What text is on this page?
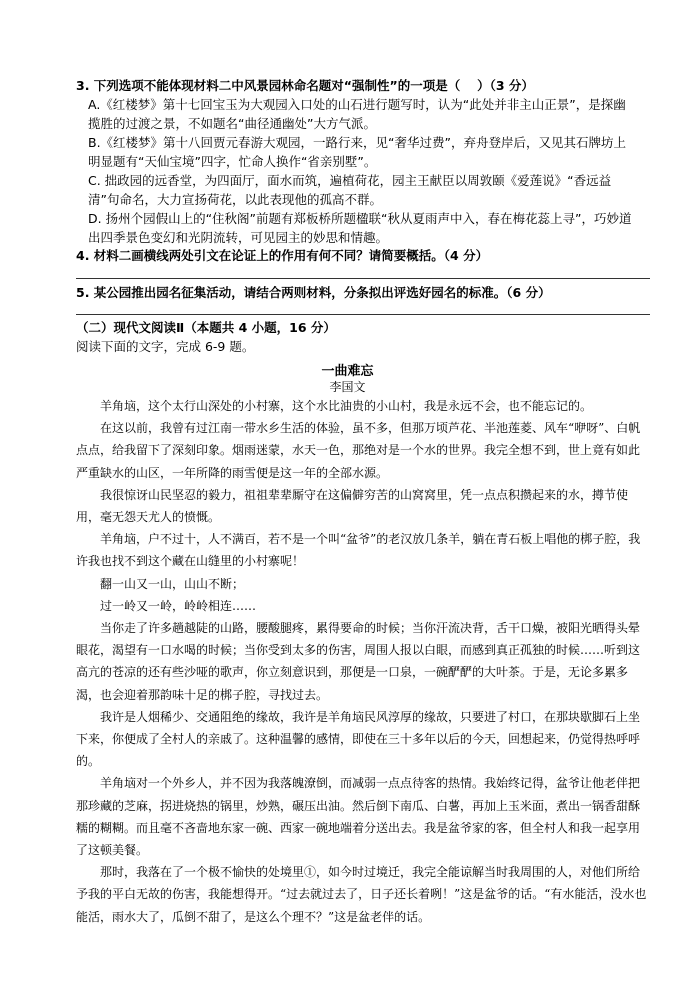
3. 下列选项不能体现材料二中风景园林命名题对“强制性”的一项是（　 ）（3 分）

A.《红楼梦》第十七回宝玉为大观园入口处的山石进行题写时，认为“此处并非主山正景”，是探幽揽胜的过渡之景，不如题名“曲径通幽处”大方气派。

B.《红楼梦》第十八回贾元春游大观园，一路行来，见“奢华过费”，弃舟登岸后，又见其石牌坊上明显题有“天仙宝境”四字，忙命人换作“省亲别墅”。

C. 拙政园的远香堂，为四面厅，面水而筑，遍植荷花，园主王献臣以周敦颐《爱莲说》“香远益清”句命名，大力宣扬荷花，以此表现他的孤高不群。

D. 扬州个园假山上的“住秋阁”前题有郑板桥所题楹联“秋从夏雨声中入，春在梅花蕊上寻”，巧妙道出四季景色变幻和光阴流转，可见园主的妙思和情趣。

4. 材料二画横线两处引文在论证上的作用有何不同？请简要概括。（4 分）

5. 某公园推出园名征集活动，请结合两则材料，分条拟出评选好园名的标准。（6 分）

（二）现代文阅读Ⅱ（本题共 4 小题，16 分）

阅读下面的文字，完成 6-9 题。

一曲难忘

李国文

羊角垴，这个太行山深处的小村寨，这个水比油贵的小山村，我是永远不会，也不能忘记的。

在这以前，我曾有过江南一带水乡生活的体验，虽不多，但那万顷芦花、半池莲菱、风车“咿呀”、白帆点点，给我留下了深刻印象。烟雨迷蒙，水天一色，那绝对是一个水的世界。我完全想不到，世上竟有如此严重缺水的山区，一年所降的雨雪便是这一年的全部水源。

我很惊讶山民坚忍的毅力，祖祖辈辈厮守在这偏僻穷苦的山窝窝里，凭一点点积攒起来的水，撙节使用，毫无怨天尤人的愤慨。

羊角垴，户不过十，人不满百，若不是一个叫“盆爷”的老汉放几条羊，躺在青石板上唱他的梆子腔，我许我也找不到这个藏在山缝里的小村寨呢！

翻一山又一山，山山不断；

过一岭又一岭，岭岭相连……

当你走了许多趟越陡的山路，腰酸腿疼，累得要命的时候；当你汗流决背，舌干口燥，被阳光晒得头晕眼花，渴望有一口水喝的时候；当你受到太多的伤害，周围人报以白眼，而感到真正孤独的时候……听到这高亢的苍凉的还有些沙哑的歌声，你立刻意识到，那便是一口泉，一碗酽酽的大叶茶。于是，无论多累多渴，也会迎着那韵味十足的梆子腔，寻找过去。

我许是人烟稀少、交通阻绝的缘故，我许是羊角垴民风淳厚的缘故，只要进了村口，在那块歇脚石上坐下来，你便成了全村人的亲戚了。这种温馨的感情，即使在三十多年以后的今天，回想起来，仍觉得热呼呼的。

羊角垴对一个外乡人，并不因为我落魄潦倒，而减弱一点点待客的热情。我始终记得，盆爷让他老伴把那珍藏的芝麻，拐进烧热的锅里，炒熟，碾压出油。然后倒下南瓜、白薯，再加上玉米面，煮出一锅香甜酥糯的糊糊。而且毫不吝啬地东家一碗、西家一碗地端着分送出去。我是盆爷家的客，但全村人和我一起享用了这顿美餐。

那时，我落在了一个极不愉快的处境里①，如今时过境迁，我完全能谅解当时我周围的人，对他们所给予我的平白无故的伤害，我能想得开。“过去就过去了，日子还长着咧！”这是盆爷的话。“有水能活，没水也能活，雨水大了，瓜倒不甜了，是这么个理不？”这是盆老伴的话。
